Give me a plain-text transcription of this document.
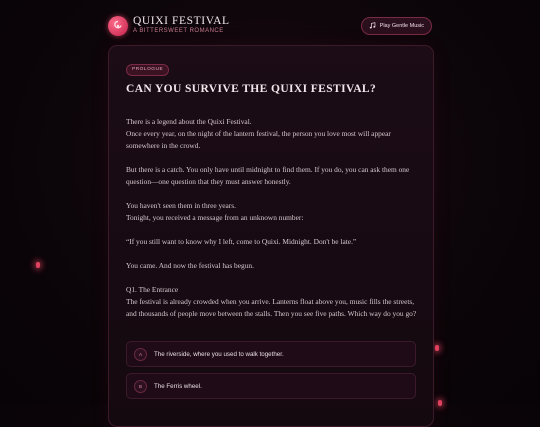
QUIXI FESTIVAL
A BITTERSWEET ROMANCE
Play Gentle Music
PROLOGUE
CAN YOU SURVIVE THE QUIXI FESTIVAL?

There is a legend about the Quixi Festival.

Once every year, on the night of the lantern festival, the person you love most will appear somewhere in the crowd.

But there is a catch. You only have until midnight to find them. If you do, you can ask them one question—one question that they must answer honestly.

You haven't seen them in three years.

Tonight, you received a message from an unknown number:

“If you still want to know why I left, come to Quixi. Midnight. Don't be late.”

You came. And now the festival has begun.

Q1. The Entrance

The festival is already crowded when you arrive. Lanterns float above you, music fills the streets, and thousands of people move between the stalls. Then you see five paths. Which way do you go?

A	The riverside, where you used to walk together.
B	The Ferris wheel.
